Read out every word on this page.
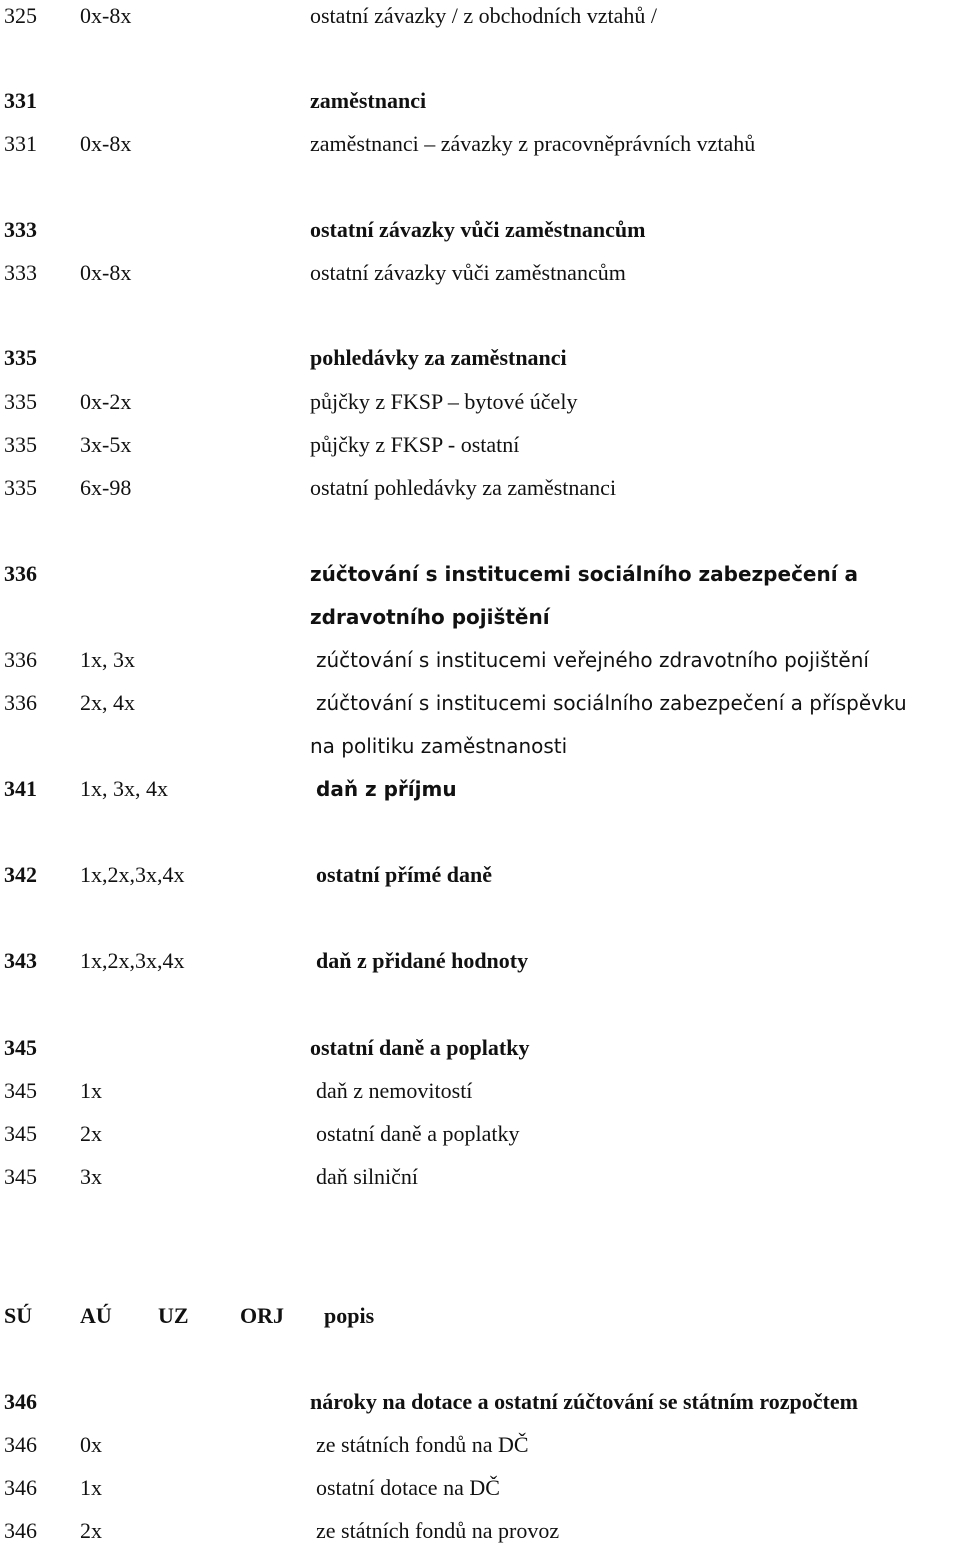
325 0x-8x	ostatní závazky / z obchodních vztahů /
331	zaměstnanci
331 0x-8x	zaměstnanci – závazky z pracovněprávních vztahů
333	ostatní závazky vůči zaměstnancům
333 0x-8x	ostatní závazky vůči zaměstnancům
335	pohledávky za zaměstnanci
335 0x-2x	půjčky z FKSP – bytové účely
335 3x-5x	půjčky z FKSP - ostatní
335 6x-98	ostatní pohledávky za zaměstnanci
336	zúčtování s institucemi sociálního zabezpečení a
zdravotního pojištění
336 1x, 3x	zúčtování s institucemi veřejného zdravotního pojištění
336 2x, 4x	zúčtování s institucemi sociálního zabezpečení a příspěvku
na politiku zaměstnanosti
341 1x, 3x, 4x	daň z příjmu
342 1x,2x,3x,4x	ostatní přímé daně
343 1x,2x,3x,4x	daň z přidané hodnoty
345	ostatní daně a poplatky
345 1x	daň z nemovitostí
345 2x	ostatní daně a poplatky
345 3x	daň silniční
SÚ AÚ UZ ORJ popis
346	nároky na dotace a ostatní zúčtování se státním rozpočtem
346 0x	ze státních fondů na DČ
346 1x	ostatní dotace na DČ
346 2x	ze státních fondů na provoz
